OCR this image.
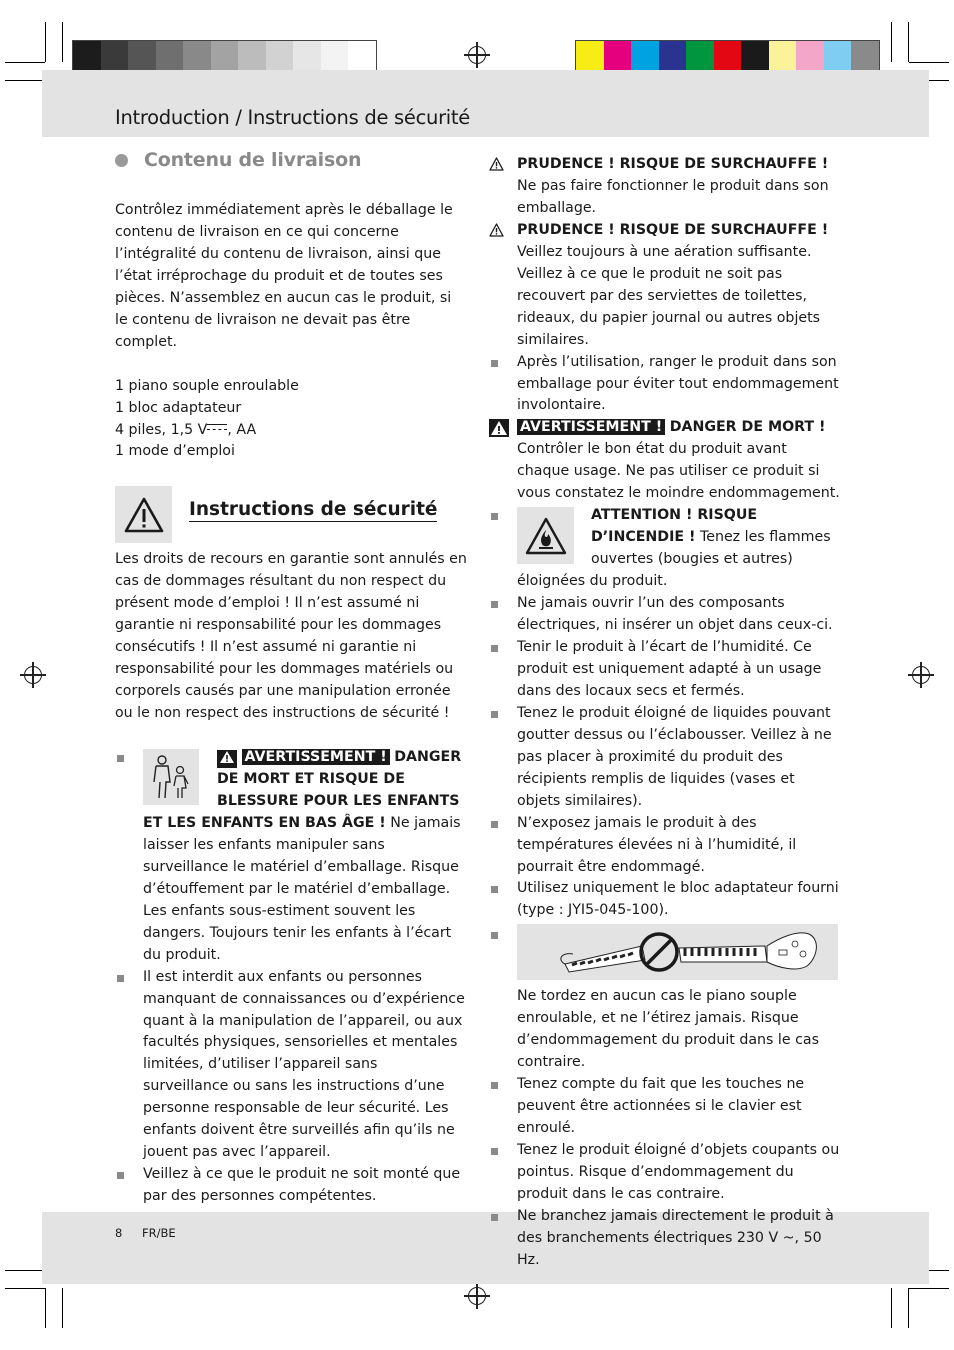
Introduction / Instructions de sécurité
8 FR/BE
Contenu de livraison

Contrôlez immédiatement après le déballage le contenu de livraison en ce qui concerne l’intégralité du contenu de livraison, ainsi que l’état irréprochage du produit et de toutes ses pièces. N’assemblez en aucun cas le produit, si le contenu de livraison ne devait pas être complet.

1 piano souple enroulable

1 bloc adaptateur

4 piles, 1,5 V , AA

1 mode d’emploi

Instructions de sécurité

Les droits de recours en garantie sont annulés en cas de dommages résultant du non respect du présent mode d’emploi ! Il n’est assumé ni garantie ni responsabilité pour les dommages consécutifs ! Il n’est assumé ni garantie ni responsabilité pour les dommages matériels ou corporels causés par une manipulation erronée ou le non respect des instructions de sécurité !

AVERTISSEMENT ! DANGER DE MORT ET RISQUE DE BLESSURE POUR LES ENFANTS ET LES ENFANTS EN BAS ÂGE ! Ne jamais laisser les enfants manipuler sans surveillance le matériel d’emballage. Risque d’étouffement par le matériel d’emballage. Les enfants sous-estiment souvent les dangers. Toujours tenir les enfants à l’écart du produit.

Il est interdit aux enfants ou personnes manquant de connaissances ou d’expérience quant à la manipulation de l’appareil, ou aux facultés physiques, sensorielles et mentales limitées, d’utiliser l’appareil sans surveillance ou sans les instructions d’une personne responsable de leur sécurité. Les enfants doivent être surveillés afin qu’ils ne jouent pas avec l’appareil.

Veillez à ce que le produit ne soit monté que par des personnes compétentes.

PRUDENCE ! RISQUE DE SURCHAUFFE !
Ne pas faire fonctionner le produit dans son emballage.

PRUDENCE ! RISQUE DE SURCHAUFFE !
Veillez toujours à une aération suffisante. Veillez à ce que le produit ne soit pas recouvert par des serviettes de toilettes, rideaux, du papier journal ou autres objets similaires.

Après l’utilisation, ranger le produit dans son emballage pour éviter tout endommagement involontaire.

AVERTISSEMENT ! DANGER DE MORT !
Contrôler le bon état du produit avant chaque usage. Ne pas utiliser ce produit si vous constatez le moindre endommagement.

ATTENTION ! RISQUE D’INCENDIE ! Tenez les flammes ouvertes (bougies et autres) éloignées du produit.

Ne jamais ouvrir l’un des composants électriques, ni insérer un objet dans ceux-ci.

Tenir le produit à l’écart de l’humidité. Ce produit est uniquement adapté à un usage dans des locaux secs et fermés.

Tenez le produit éloigné de liquides pouvant goutter dessus ou l’éclabousser. Veillez à ne pas placer à proximité du produit des récipients remplis de liquides (vases et objets similaires).

N’exposez jamais le produit à des températures élevées ni à l’humidité, il pourrait être endommagé.

Utilisez uniquement le bloc adaptateur fourni (type : JYI5-045-100).

Ne tordez en aucun cas le piano souple enroulable, et ne l’étirez jamais. Risque d’endommagement du produit dans le cas contraire.

Tenez compte du fait que les touches ne peuvent être actionnées si le clavier est enroulé.

Tenez le produit éloigné d’objets coupants ou pointus. Risque d’endommagement du produit dans le cas contraire.

Ne branchez jamais directement le produit à des branchements électriques 230 V ~, 50 Hz.
